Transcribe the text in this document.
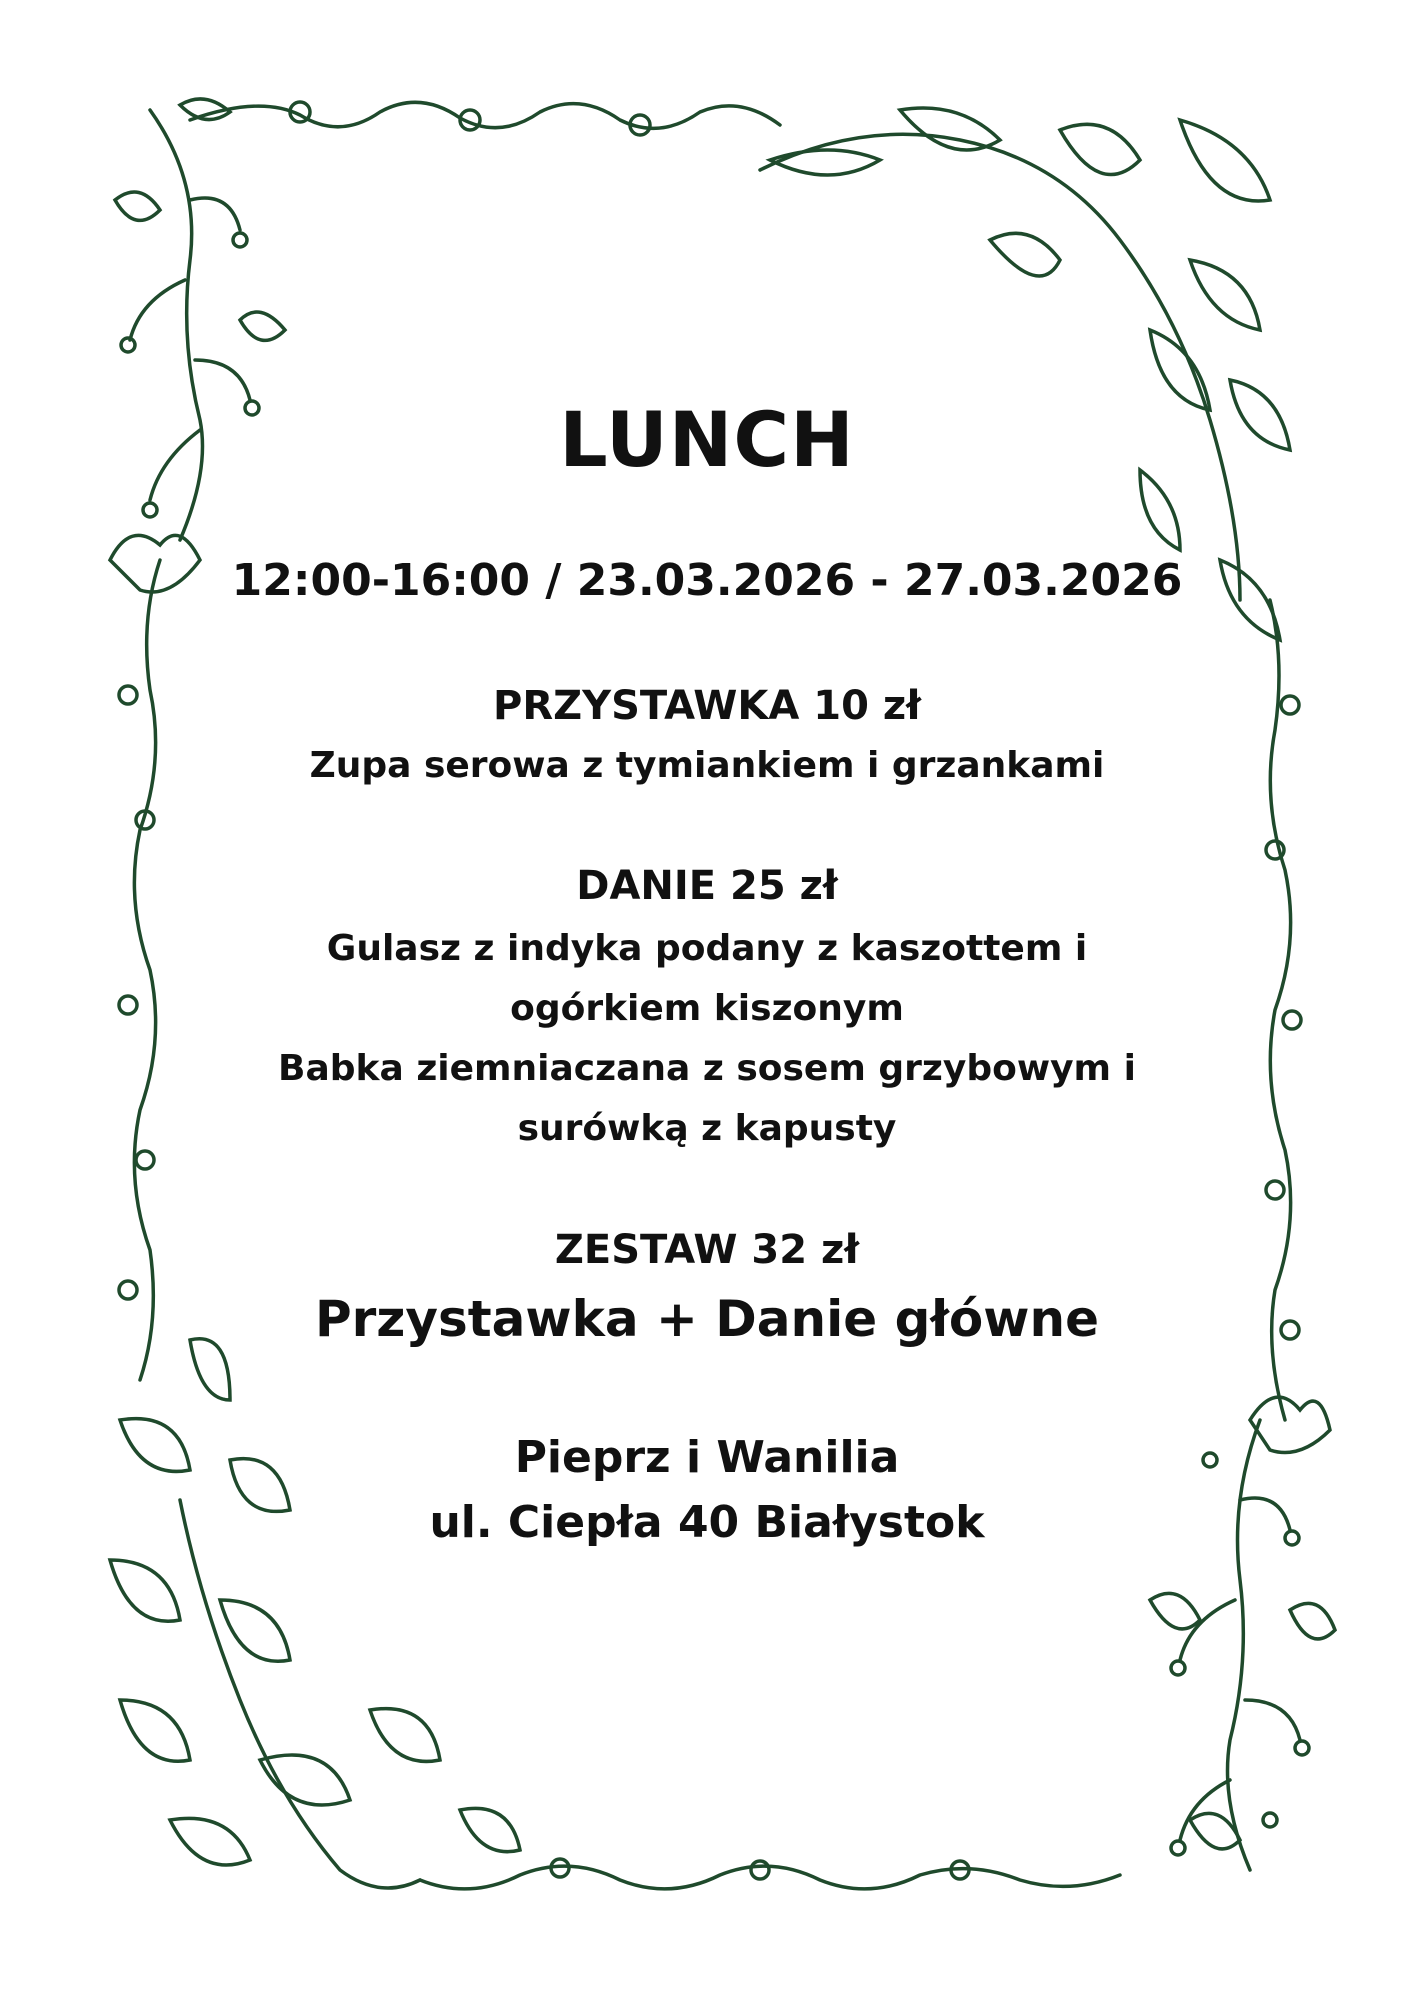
LUNCH

12:00-16:00 / 23.03.2026 - 27.03.2026

PRZYSTAWKA 10 zł

Zupa serowa z tymiankiem i grzankami

DANIE 25 zł

Gulasz z indyka podany z kaszottem i

ogórkiem kiszonym

Babka ziemniaczana z sosem grzybowym i

surówką z kapusty

ZESTAW 32 zł

Przystawka + Danie główne

Pieprz i Wanilia

ul. Ciepła 40 Białystok
